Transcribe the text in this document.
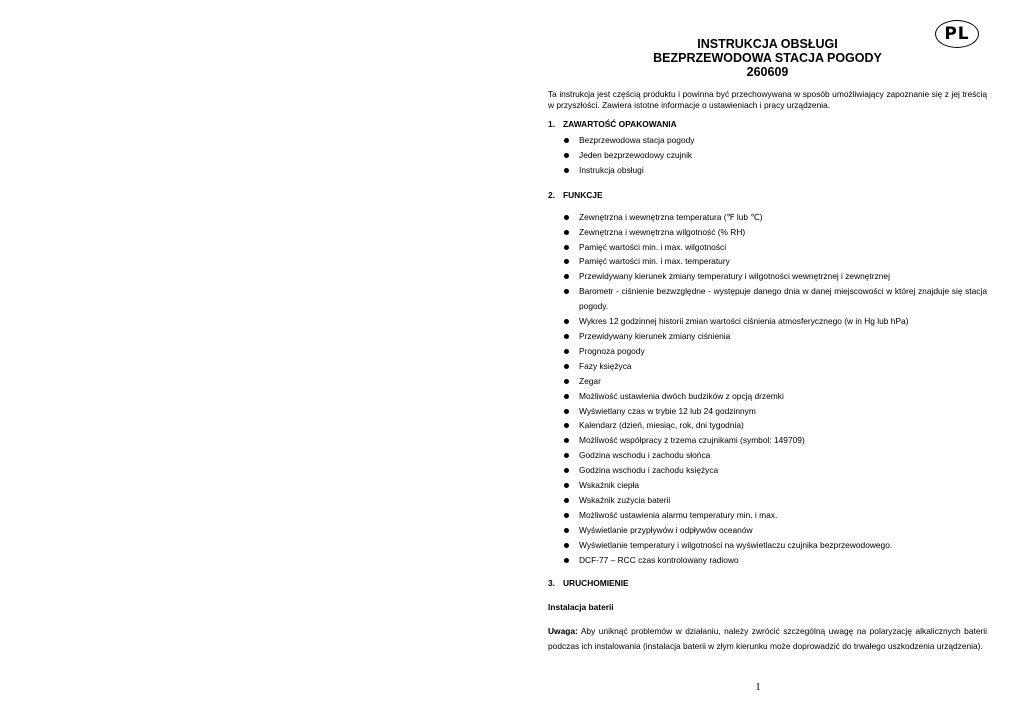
PL
INSTRUKCJA OBSŁUGI
BEZPRZEWODOWA STACJA POGODY
260609
Ta instrukcja jest częścią produktu i powinna być przechowywana w sposób umożliwiający zapoznanie się z jej treścią w przyszłości. Zawiera istotne informacje o ustawieniach i pracy urządzenia.
1. ZAWARTOŚĆ OPAKOWANIA
Bezprzewodowa stacja pogody
Jeden bezprzewodowy czujnik
Instrukcja obsługi
2. FUNKCJE
Zewnętrzna i wewnętrzna temperatura (℉ lub ℃)
Zewnętrzna i wewnętrzna wilgotność (% RH)
Pamięć wartości min. i max. wilgotności
Pamięć wartości min. i max. temperatury
Przewidywany kierunek zmiany temperatury i wilgotności wewnętrznej i zewnętrznej
Barometr - ciśnienie bezwzględne - występuje danego dnia w danej miejscowości w której znajduje się stacja pogody.
Wykres 12 godzinnej historii zmian wartości ciśnienia atmosferycznego (w in Hg lub hPa)
Przewidywany kierunek zmiany ciśnienia
Prognoza pogody
Fazy księżyca
Zegar
Możliwość ustawienia dwóch budzików z opcją drzemki
Wyświetlany czas w trybie 12 lub 24 godzinnym
Kalendarz (dzień, miesiąc, rok, dni tygodnia)
Możliwość współpracy z trzema czujnikami (symbol: 149709)
Godzina wschodu i zachodu słońca
Godzina wschodu i zachodu księżyca
Wskaźnik ciepła
Wskaźnik zużycia baterii
Możliwość ustawienia alarmu temperatury min. i max.
Wyświetlanie przypływów i odpływów oceanów
Wyświetlanie temperatury i wilgotności na wyświetlaczu czujnika bezprzewodowego.
DCF-77 – RCC czas kontrolowany radiowo
3. URUCHOMIENIE
Instalacja baterii
Uwaga: Aby uniknąć problemów w działaniu, należy zwrócić szczególną uwagę na polaryzację alkalicznych baterii podczas ich instalowania (instalacja baterii w złym kierunku może doprowadzić do trwałego uszkodzenia urządzenia).
1
